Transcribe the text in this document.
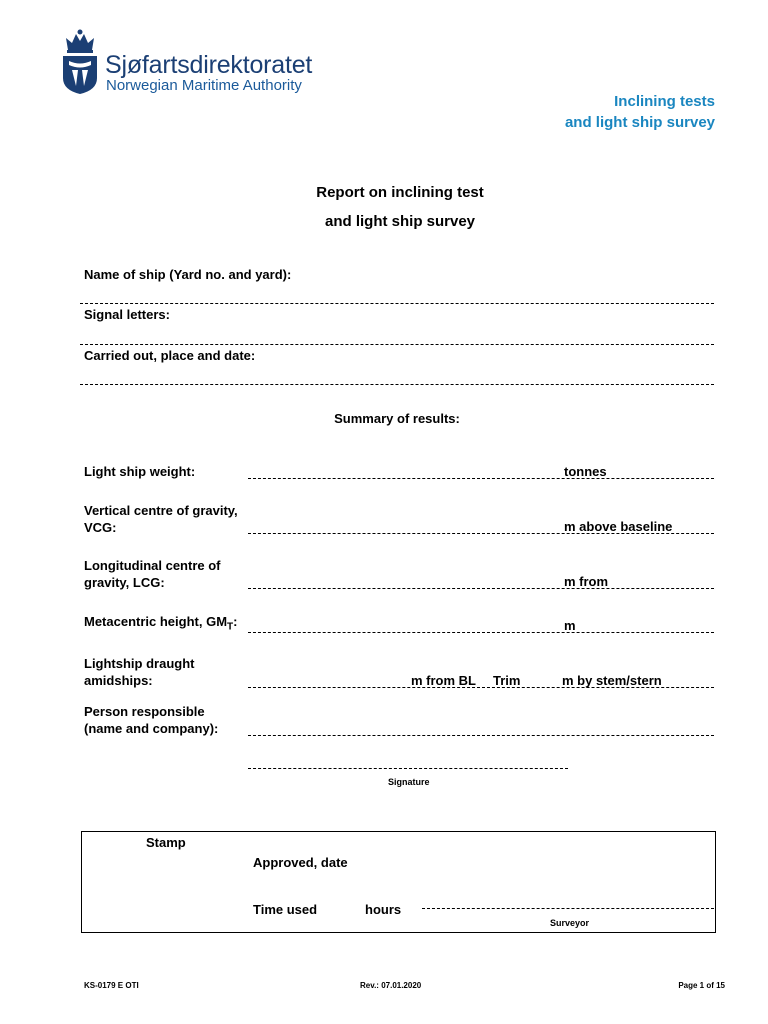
Sjøfartsdirektoratet
Norwegian Maritime Authority
Inclining tests
and light ship survey
Report on inclining test
and light ship survey
Name of ship (Yard no. and yard):
Signal letters:
Carried out, place and date:
Summary of results:
Light ship weight:	tonnes
Vertical centre of gravity,
VCG:	m above baseline
Longitudinal centre of
gravity, LCG:	m from
Metacentric height, $GM_T$:	m
Lightship draught
amidships:	m from BL Trim	m by stem/stern
Person responsible
(name and company):
Signature
Stamp
Approved, date
Time used	hours
Surveyor
KS-0179 E OTI	Rev.: 07.01.2020	Page 1 of 15
